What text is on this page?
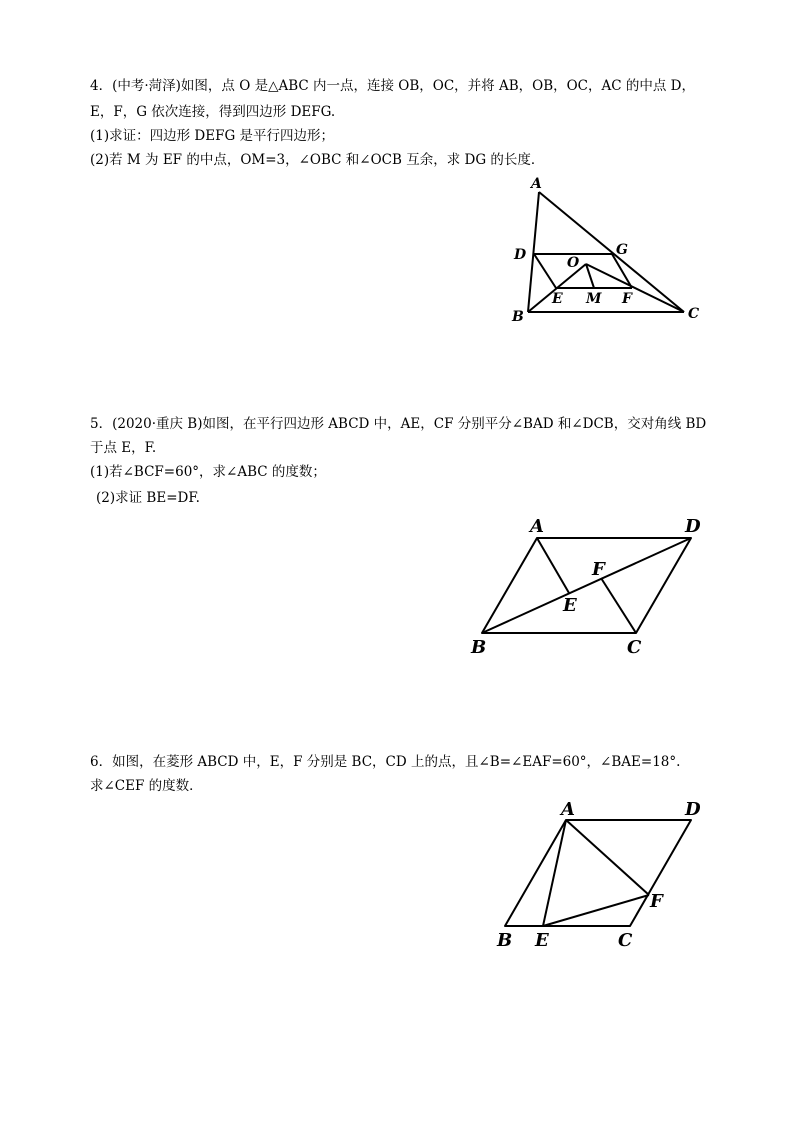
4．(中考·菏泽)如图，点 O 是△ABC 内一点，连接 OB，OC，并将 AB，OB，OC，AC 的中点 D，
E，F，G 依次连接，得到四边形 DEFG.
(1)求证：四边形 DEFG 是平行四边形；
(2)若 M 为 EF 的中点，OM=3，∠OBC 和∠OCB 互余，求 DG 的长度．
A
D	G
O
E M F
B	C
5．(2020·重庆 B)如图，在平行四边形 ABCD 中，AE，CF 分别平分∠BAD 和∠DCB，交对角线 BD
于点 E，F.
(1)若∠BCF=60°，求∠ABC 的度数；
(2)求证 BE=DF.
A	D
F
E
B	C
6．如图，在菱形 ABCD 中，E，F 分别是 BC，CD 上的点，且∠B=∠EAF=60°，∠BAE=18°.
求∠CEF 的度数．
A	D
F
B E	C
